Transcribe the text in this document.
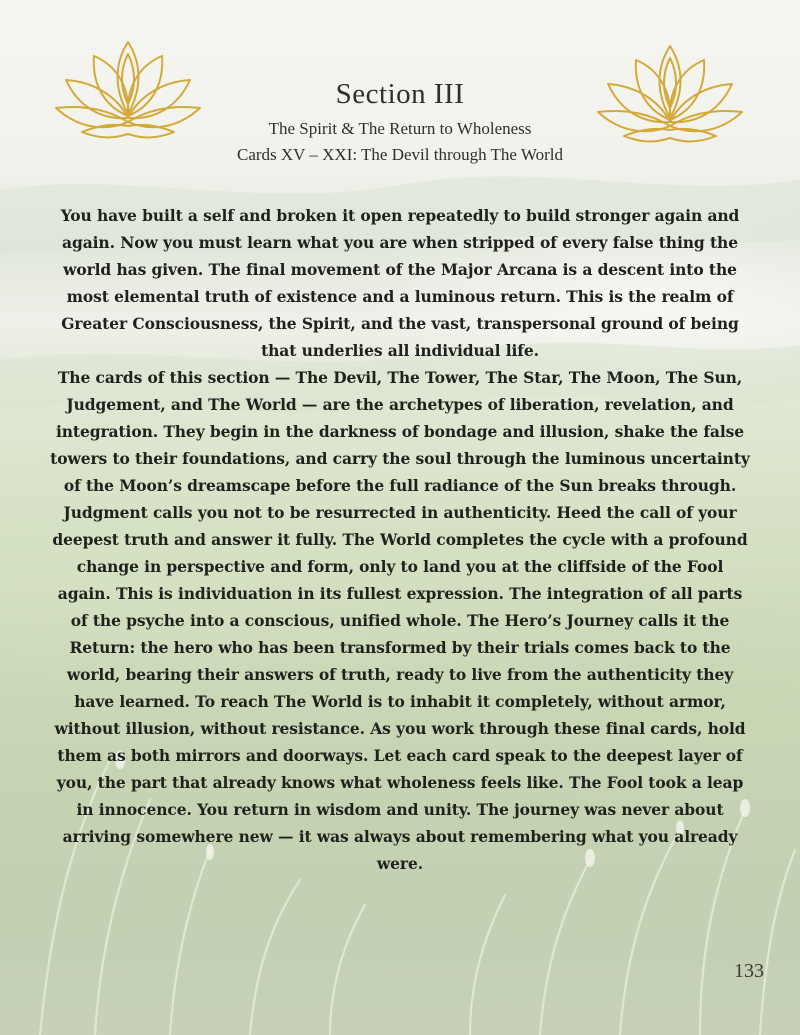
Section III
The Spirit & The Return to Wholeness
Cards XV – XXI: The Devil through The World

You have built a self and broken it open repeatedly to build stronger again and again. Now you must learn what you are when stripped of every false thing the world has given. The final movement of the Major Arcana is a descent into the most elemental truth of existence and a luminous return. This is the realm of Greater Consciousness, the Spirit, and the vast, transpersonal ground of being that underlies all individual life.

The cards of this section — The Devil, The Tower, The Star, The Moon, The Sun, Judgement, and The World — are the archetypes of liberation, revelation, and integration. They begin in the darkness of bondage and illusion, shake the false towers to their foundations, and carry the soul through the luminous uncertainty of the Moon’s dreamscape before the full radiance of the Sun breaks through. Judgment calls you not to be resurrected in authenticity. Heed the call of your deepest truth and answer it fully. The World completes the cycle with a profound change in perspective and form, only to land you at the cliffside of the Fool again. This is individuation in its fullest expression. The integration of all parts of the psyche into a conscious, unified whole. The Hero’s Journey calls it the Return: the hero who has been transformed by their trials comes back to the world, bearing their answers of truth, ready to live from the authenticity they have learned. To reach The World is to inhabit it completely, without armor, without illusion, without resistance. As you work through these final cards, hold them as both mirrors and doorways. Let each card speak to the deepest layer of you, the part that already knows what wholeness feels like. The Fool took a leap in innocence. You return in wisdom and unity. The journey was never about arriving somewhere new — it was always about remembering what you already were.

133
